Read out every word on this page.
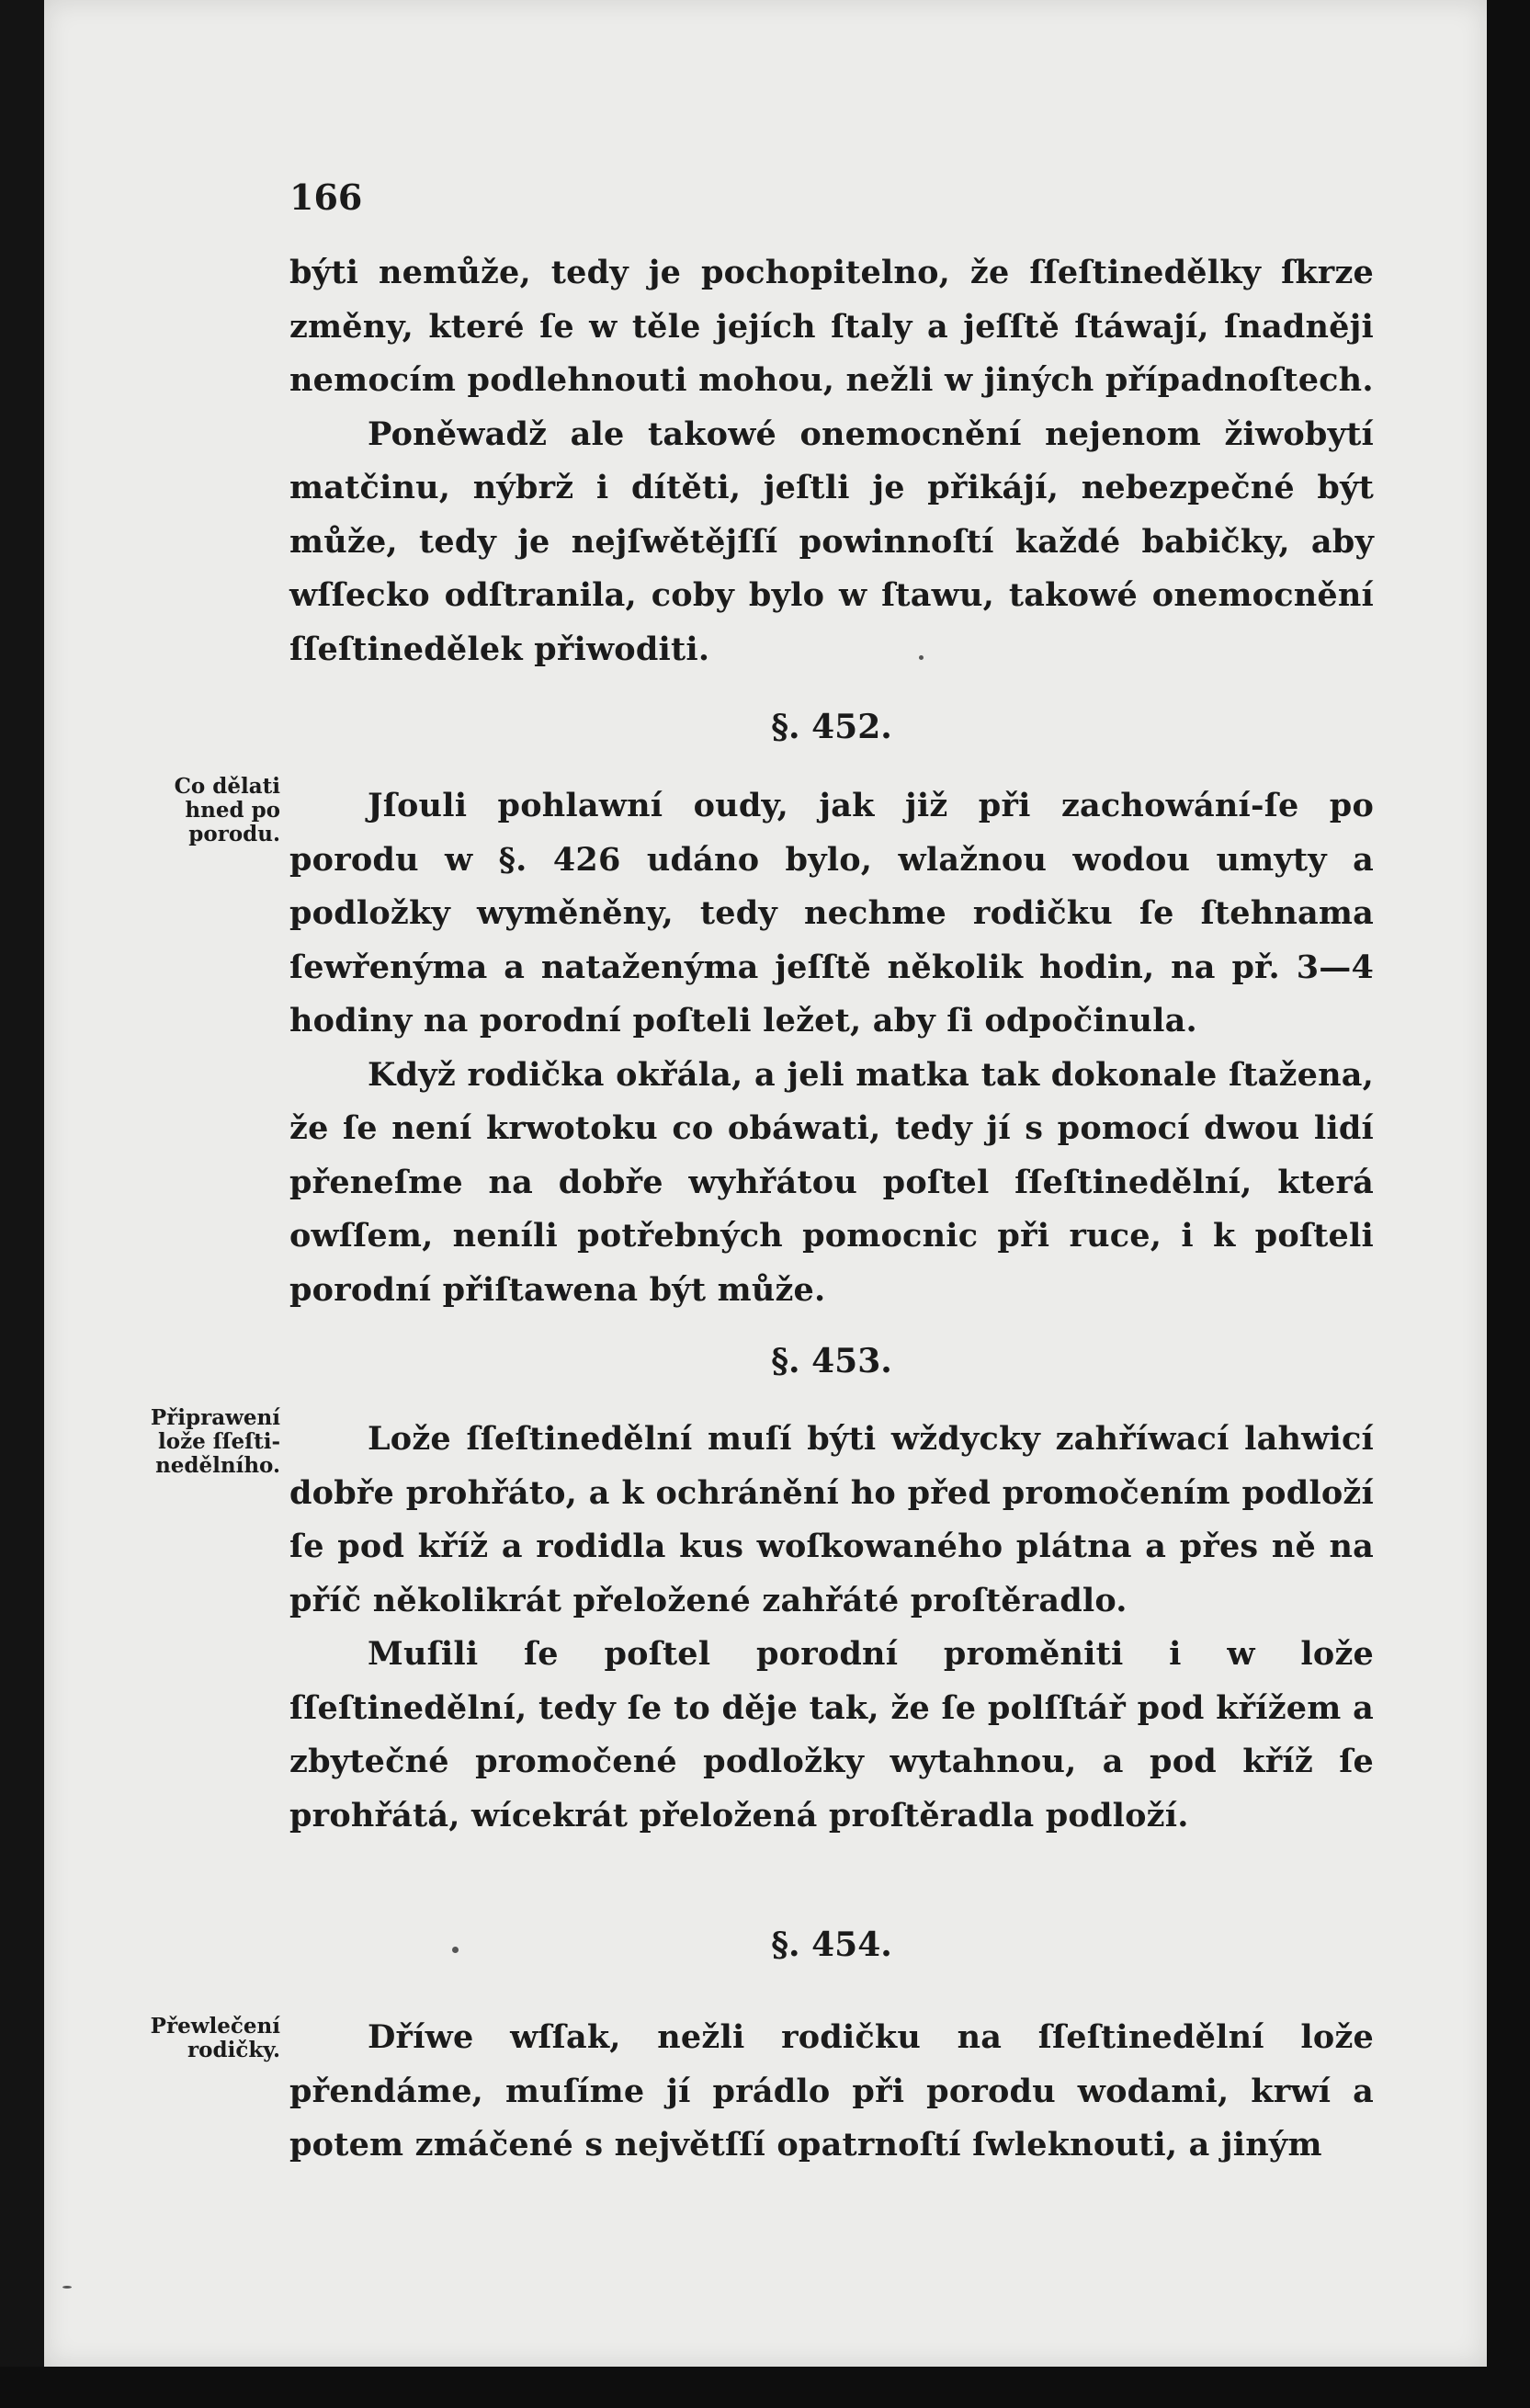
166

býti nemůže, tedy je pochopitelno, že ſſeſtinedělky ſkrze změny, které ſe w těle jejích ſtaly a jeſſtě ſtáwají, ſnadněji nemocím podlehnouti mohou, nežli w jiných případnoſtech.

Poněwadž ale takowé onemocnění nejenom žiwobytí matčinu, nýbrž i dítěti, jeſtli je přikájí, nebezpečné být může, tedy je nejſwětějſſí powinnoſtí každé babičky, aby wſſecko odſtranila, coby bylo w ſtawu, takowé onemocnění ſſeſtinedělek přiwoditi.

§. 452.
Co dělati
hned po
porodu.

Jſouli pohlawní oudy, jak již při zachowání-ſe po porodu w §. 426 udáno bylo, wlažnou wodou umyty a podložky wyměněny, tedy nechme rodičku ſe ſtehnama ſewřenýma a natаženýma jeſſtě několik hodin, na př. 3—4 hodiny na porodní poſteli ležet, aby ſi odpočinula.

Když rodička okřála, a jeli matka tak dokonale ſtažena, že ſe není krwotoku co obáwati, tedy jí s pomocí dwou lidí přeneſme na dobře wyhřátou poſtel ſſeſtinedělní, která owſſem, neníli potřebných pomocnic při ruce, i k poſteli porodní přiſtawena být může.

§. 453.
Připrawení
lože ſſeſti-
nedělního.

Lože ſſeſtinedělní muſí býti wždycky zahříwací lahwicí dobře prohřáto, a k ochránění ho před promočením podloží ſe pod kříž a rodidla kus woſkowaného plátna a přes ně na příč několikrát přeložené zahřáté proſtěradlo.

Muſili ſe poſtel porodní proměniti i w lože ſſeſtinedělní, tedy ſe to děje tak, že ſe polſſtář pod křížem a zbytečné promočené podložky wytahnou, a pod kříž ſe prohřátá, wícekrát přeložená proſtěradla podloží.

§. 454.
Přewlečení
rodičky.	Dříwe wſſak, nežli rodičku na ſſeſtinedělní lože přendáme, muſíme jí prádlo při porodu wodami, krwí a potem zmáčené s největſſí opatrnoſtí ſwleknouti, a jiným
